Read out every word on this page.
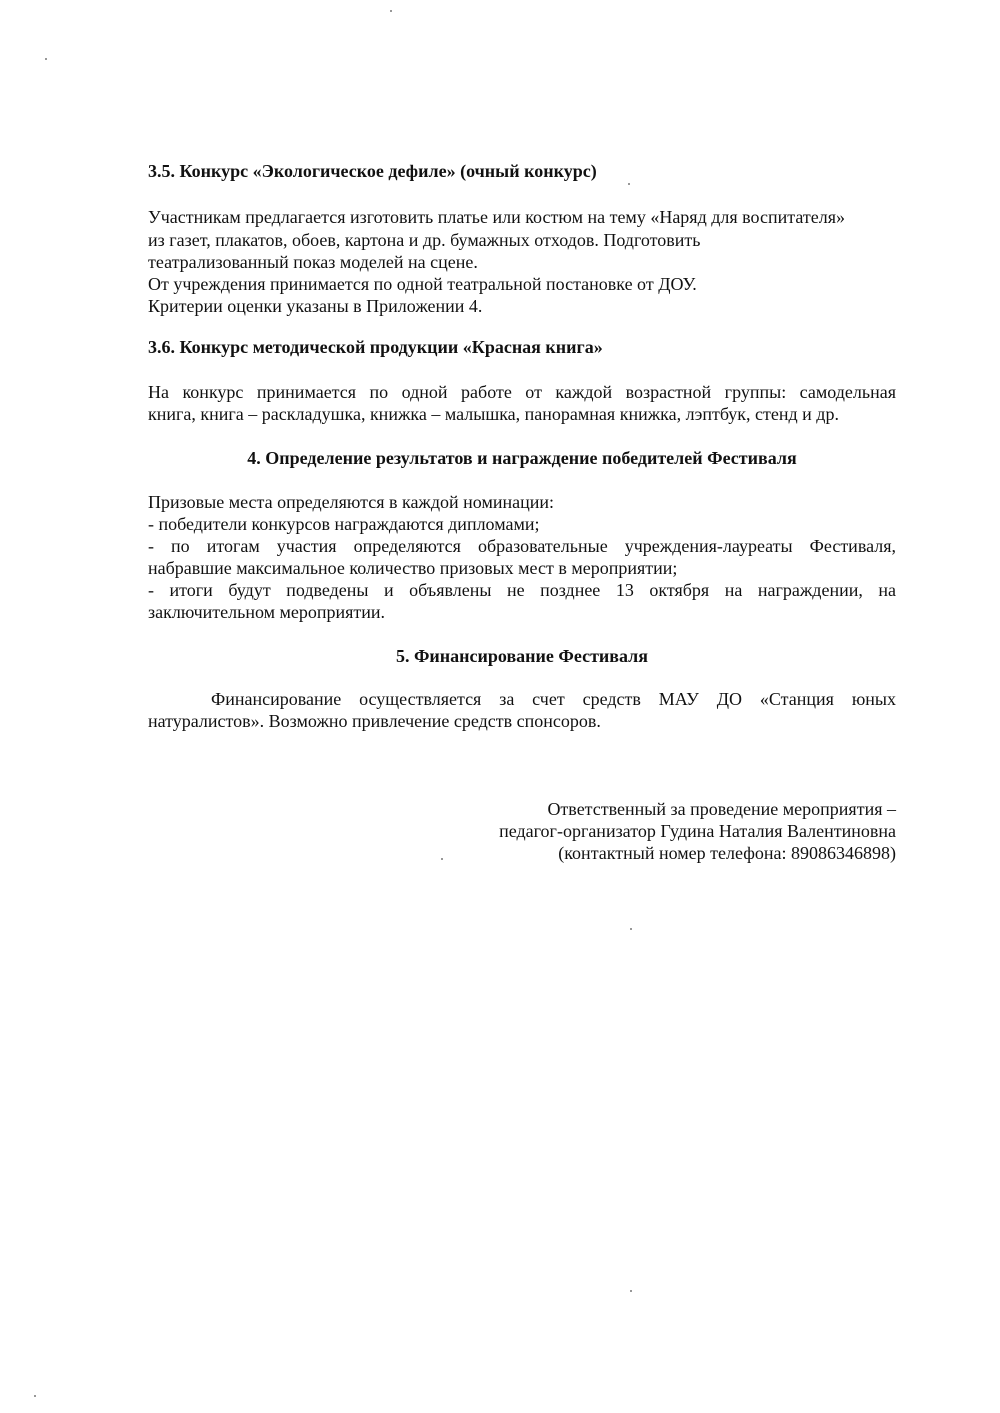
3.5. Конкурс «Экологическое дефиле» (очный конкурс)

Участникам предлагается изготовить платье или костюм на тему «Наряд для воспитателя»

из газет, плакатов, обоев, картона и др. бумажных отходов. Подготовить

театрализованный показ моделей на сцене.

От учреждения принимается по одной театральной постановке от ДОУ.

Критерии оценки указаны в Приложении 4.

3.6. Конкурс методической продукции «Красная книга»

На конкурс принимается по одной работе от каждой возрастной группы: самодельная

книга, книга – раскладушка, книжка – малышка, панорамная книжка, лэптбук, стенд и др.

4. Определение результатов и награждение победителей Фестиваля

Призовые места определяются в каждой номинации:

- победители конкурсов награждаются дипломами;

- по итогам участия определяются образовательные учреждения-лауреаты Фестиваля,

набравшие максимальное количество призовых мест в мероприятии;

- итоги будут подведены и объявлены не позднее 13 октября на награждении, на

заключительном мероприятии.

5. Финансирование Фестиваля

Финансирование осуществляется за счет средств МАУ ДО «Станция юных

натуралистов». Возможно привлечение средств спонсоров.

Ответственный за проведение мероприятия –

педагог-организатор Гудина Наталия Валентиновна

(контактный номер телефона: 89086346898)
